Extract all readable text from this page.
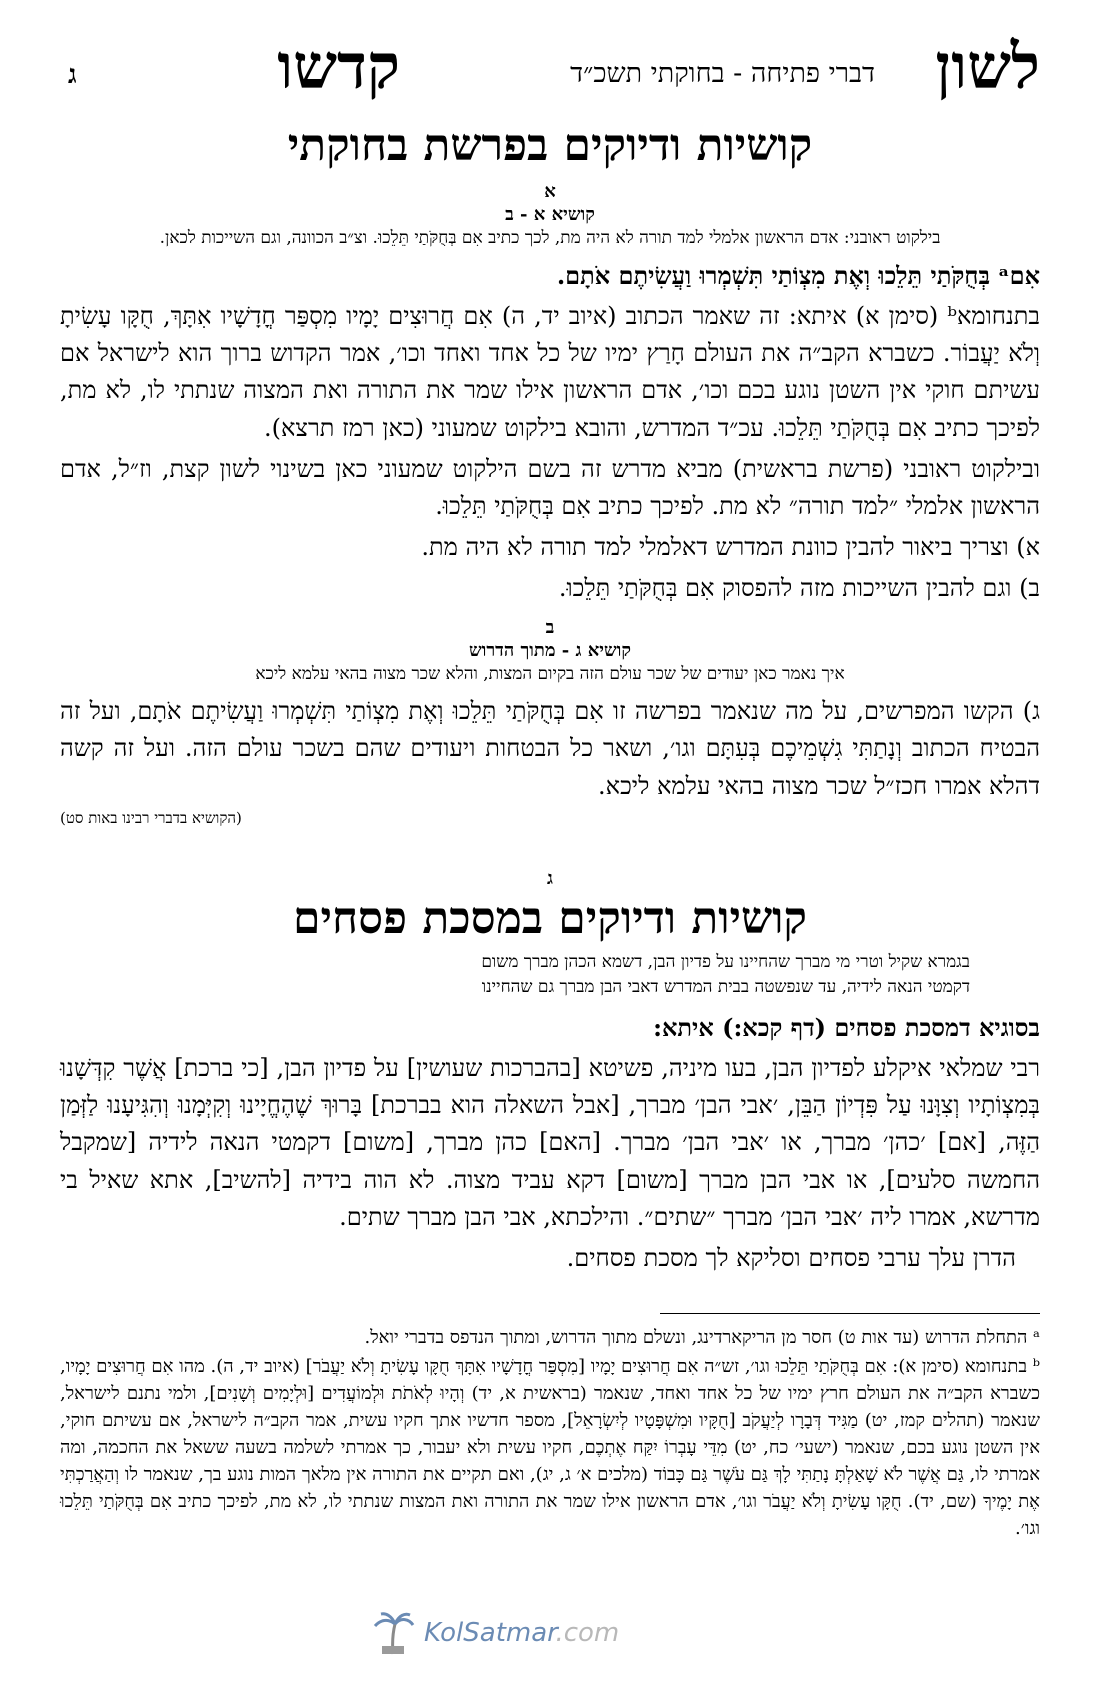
לשון
דברי פתיחה - בחוקתי תשכ״ד
קדשו
ג
קושיות ודיוקים בפרשת בחוקתי
א
קושיא א - ב
בילקוט ראובני: אדם הראשון אלמלי למד תורה לא היה מת, לכך כתיב אִם בְּחֻקֹּתַי תֵּלֵכוּ. וצ״ב הכוונה, וגם השייכות לכאן.
אִםᵃ בְּחֻקֹּתַי תֵּלֵכוּ וְאֶת מִצְוֹתַי תִּשְׁמְרוּ וַעֲשִׂיתֶם אֹתָם.
בתנחומאᵇ (סימן א) איתא: זה שאמר הכתוב (איוב יד, ה) אִם חֲרוּצִים יָמָיו מִסְפַּר חֳדָשָׁיו אִתָּךְ, חֻקָּו עָשִׂיתָ וְלֹא יַעֲבוֹר. כשברא הקב״ה את העולם חָרַץ ימיו של כל אחד ואחד וכו׳, אמר הקדוש ברוך הוא לישראל אם עשיתם חוקי אין השטן נוגע בכם וכו׳, אדם הראשון אילו שמר את התורה ואת המצוה שנתתי לו, לא מת, לפיכך כתיב אִם בְּחֻקֹּתַי תֵּלֵכוּ. עכ״ד המדרש, והובא בילקוט שמעוני (כאן רמז תרצא).
ובילקוט ראובני (פרשת בראשית) מביא מדרש זה בשם הילקוט שמעוני כאן בשינוי לשון קצת, וז״ל, אדם הראשון אלמלי ״למד תורה״ לא מת. לפיכך כתיב אִם בְּחֻקֹּתַי תֵּלֵכוּ.
א) וצריך ביאור להבין כוונת המדרש דאלמלי למד תורה לא היה מת.
ב) וגם להבין השייכות מזה להפסוק אִם בְּחֻקֹּתַי תֵּלֵכוּ.
ב
קושיא ג - מתוך הדרוש
איך נאמר כאן יעודים של שכר עולם הזה בקיום המצות, והלא שכר מצוה בהאי עלמא ליכא
ג) הקשו המפרשים, על מה שנאמר בפרשה זו אִם בְּחֻקֹּתַי תֵּלֵכוּ וְאֶת מִצְוֹתַי תִּשְׁמְרוּ וַעֲשִׂיתֶם אֹתָם, ועל זה הבטיח הכתוב וְנָתַתִּי גִשְׁמֵיכֶם בְּעִתָּם וגו׳, ושאר כל הבטחות ויעודים שהם בשכר עולם הזה. ועל זה קשה דהלא אמרו חכז״ל שכר מצוה בהאי עלמא ליכא.
(הקושיא בדברי רבינו באות סט)
ג
קושיות ודיוקים במסכת פסחים
בגמרא שקיל וטרי מי מברך שהחיינו על פדיון הבן, דשמא הכהן מברך משום
דקמטי הנאה לידיה, עד שנפשטה בבית המדרש דאבי הבן מברך גם שהחיינו
בסוגיא דמסכת פסחים (דף קכא:) איתא:
רבי שמלאי איקלע לפדיון הבן, בעו מיניה, פשיטא [בהברכות שעושין] על פדיון הבן, [כי ברכת] אֲשֶׁר קִדְּשָׁנוּ בְּמִצְוֹתָיו וְצִוָּנוּ עַל פִּדְיוֹן הַבֵּן, ׳אבי הבן׳ מברך, [אבל השאלה הוא בברכת] בָּרוּךְ שֶׁהֶחֱיָינוּ וְקִיְּמָנוּ וְהִגִּיעָנוּ לַזְּמַן הַזֶּה, [אם] ׳כהן׳ מברך, או ׳אבי הבן׳ מברך. [האם] כהן מברך, [משום] דקמטי הנאה לידיה [שמקבל החמשה סלעים], או אבי הבן מברך [משום] דקא עביד מצוה. לא הוה בידיה [להשיב], אתא שאיל בי מדרשא, אמרו ליה ׳אבי הבן׳ מברך ״שתים״. והילכתא, אבי הבן מברך שתים.
הדרן עלך ערבי פסחים וסליקא לך מסכת פסחים.
ᵃ התחלת הדרוש (עד אות ט) חסר מן הריקארדינג, ונשלם מתוך הדרוש, ומתוך הנדפס בדברי יואל.
ᵇ בתנחומא (סימן א): אִם בְּחֻקֹּתַי תֵּלֵכוּ וגו׳, זש״ה אִם חֲרוּצִים יָמָיו [מִסְפַּר חֳדָשָׁיו אִתָּךְ חֻקָּו עָשִׂיתָ וְלֹא יַעֲבֹר] (איוב יד, ה). מהו אִם חֲרוּצִים יָמָיו, כשברא הקב״ה את העולם חרץ ימיו של כל אחד ואחד, שנאמר (בראשית א, יד) וְהָיוּ לְאֹתֹת וּלְמוֹעֲדִים [וּלְיָמִים וְשָׁנִים], ולמי נתנם לישראל, שנאמר (תהלים קמז, יט) מַגִּיד דְּבָרָו לְיַעֲקֹב [חֻקָּיו וּמִשְׁפָּטָיו לְיִשְׂרָאֵל], מספר חדשיו אתך חקיו עשית, אמר הקב״ה לישראל, אם עשיתם חוקי, אין השטן נוגע בכם, שנאמר (ישעי׳ כח, יט) מִדֵּי עָבְרוֹ יִקַּח אֶתְכֶם, חקיו עשית ולא יעבור, כך אמרתי לשלמה בשעה ששאל את החכמה, ומה אמרתי לו, גַּם אֲשֶׁר לֹא שָׁאַלְתָּ נָתַתִּי לָךְ גַּם עֹשֶׁר גַּם כָּבוֹד (מלכים א׳ ג, יג), ואם תקיים את התורה אין מלאך המות נוגע בך, שנאמר לו וְהַאֲרַכְתִּי אֶת יָמֶיךָ (שם, יד). חֻקָּו עָשִׂיתָ וְלֹא יַעֲבֹר וגו׳, אדם הראשון אילו שמר את התורה ואת המצות שנתתי לו, לא מת, לפיכך כתיב אִם בְּחֻקֹּתַי תֵּלֵכוּ וגו׳.
KolSatmar.com
